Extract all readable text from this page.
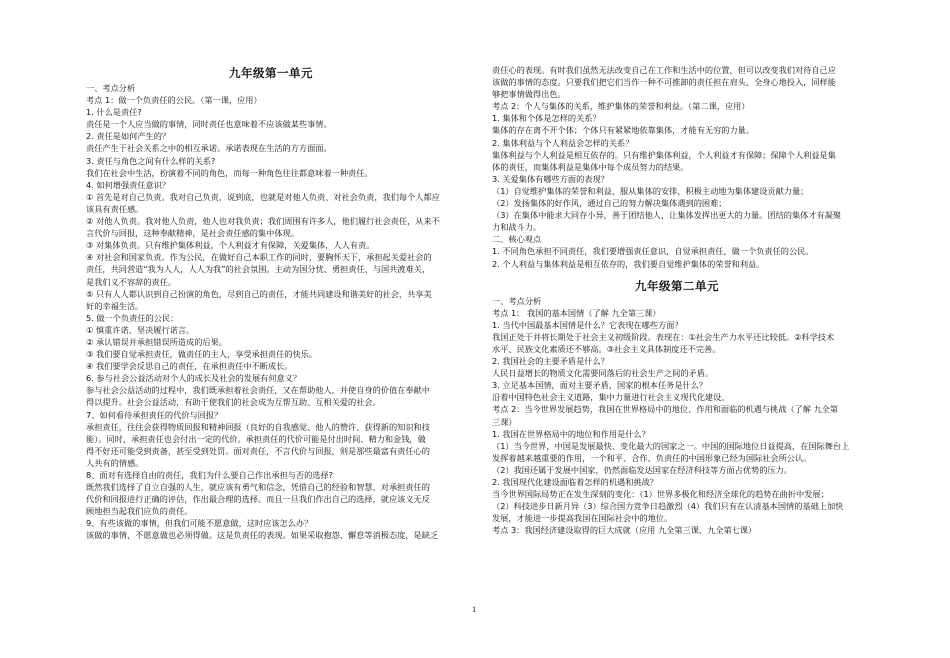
九年级第一单元

一、考点分析

考点 1：做一个负责任的公民。（第一课，应用）

1. 什么是责任?

责任是一个人应当做的事情，同时责任也意味着不应该做某些事情。

2. 责任是如何产生的？

责任产生于社会关系之中的相互承诺。承诺表现在生活的方方面面。

3. 责任与角色之间有什么样的关系?

我们在社会中生活，扮演着不同的角色，而每一种角色往往都意味着一种责任。

4. 如何增强责任意识？

① 首先是对自己负责。我对自己负责，说到底，也就是对他人负责、对社会负责，我们每个人都应

该具有责任感。

② 对他人负责。我对他人负责，他人也对我负责；我们周围有许多人，他们履行社会责任，从来不

言代价与回报，这种奉献精神，是社会责任感的集中体现。

③ 对集体负责。只有维护集体利益，个人利益才有保障，关爱集体，人人有责。

④ 对社会和国家负责。作为公民，在做好自己本职工作的同时，要胸怀天下，承担起关爱社会的

责任，共同营造“我为人人，人人为我”的社会氛围。主动为国分忧、勇担责任、与国共渡难关，

是我们义不容辞的责任。

⑤ 只有人人都认识到自己扮演的角色，尽到自己的责任，才能共同建设和谐美好的社会，共享美

好的幸福生活。

5. 做一个负责任的公民：

① 慎重许诺、坚决履行诺言。

② 承认错误并承担错误所造成的后果。

③ 我们要自觉承担责任，做责任的主人，享受承担责任的快乐。

④ 我们要学会反思自己的责任，在承担责任中不断成长。

6. 参与社会公益活动对个人的成长及社会的发展有何意义？

参与社会公益活动的过程中，我们既承担着社会责任，又在帮助他人，并使自身的价值在奉献中

得以提升。社会公益活动，有助于使我们的社会成为互帮互助、互相关爱的社会。

7、如何看待承担责任的代价与回报？

承担责任，往往会获得物质回报和精神回报（良好的自我感觉、他人的赞许、获得新的知识和技

能）。同时，承担责任也会付出一定的代价。承担责任的代价可能是付出时间、精力和金钱，做

得不好还可能受到责备，甚至受到处罚。面对责任，不言代价与回报，则是那些最富有责任心的

人共有的情感。

8、面对有选择自由的责任，我们为什么要自己作出承担与否的选择?

既然我们选择了自立自强的人生，就应该有勇气和信念，凭借自己的经验和智慧，对承担责任的

代价和回报进行正确的评估，作出最合理的选择。而且一旦我们作出自己的选择，就应该义无反

顾地担当起我们应负的责任。

9、有些该做的事情，但我们可能不愿意做，这时应该怎么办？

该做的事情，不愿意做也必须得做。这是负责任的表现。如果采取抱怨、懈怠等消极态度，是缺乏

责任心的表现。有时我们虽然无法改变自己在工作和生活中的位置，但可以改变我们对待自己应

该做的事情的态度。只要我们把它们当作一种不可推卸的责任担在肩头，全身心地投入，同样能

够把事情做得出色。

考点 2：个人与集体的关系，维护集体的荣誉和利益。（第二课，应用）

1. 集体和个体是怎样的关系？

集体的存在离不开个体；个体只有紧紧地依靠集体，才能有无穷的力量。

2. 集体利益与个人利益会怎样的关系？

集体利益与个人利益是相互依存的。只有维护集体利益，个人利益才有保障；保障个人利益是集

体的责任，而集体利益是集体中每个成员努力的结果。

3. 关爱集体有哪些方面的表现？

（1）自觉维护集体的荣誉和利益，服从集体的安排，积极主动地为集体建设贡献力量；

（2）发扬集体的好作风，通过自己的努力解决集体遇到的困难；

（3）在集体中能求大同存小异，善于团结他人，让集体发挥出更大的力量。团结的集体才有凝聚

力和战斗力。

二、核心观点

1. 不同角色承担不同责任，我们要增强责任意识，自觉承担责任，做一个负责任的公民。

2. 个人利益与集体利益是相互依存的，我们要自觉维护集体的荣誉和利益。

九年级第二单元

一、考点分析

考点 1： 我国的基本国情（了解 九全第三课）

1. 当代中国最基本国情是什么？它表现在哪些方面？

我国正处于并将长期处于社会主义初级阶段。表现在：①社会生产力水平还比较低。②科学技术

水平、民族文化素质还不够高。③社会主义具体制度还不完善。

2. 我国社会的主要矛盾是什么？

人民日益增长的物质文化需要同落后的社会生产之间的矛盾。

3. 立足基本国情，面对主要矛盾，国家的根本任务是什么？

沿着中国特色社会主义道路，集中力量进行社会主义现代化建设。

考点 2：当今世界发展趋势，我国在世界格局中的地位、作用和面临的机遇与挑战（了解 九全第

三课）

1. 我国在世界格局中的地位和作用是什么？

（1）当今世界，中国是发展最快、变化最大的国家之一。中国的国际地位日益提高，在国际舞台上

发挥着越来越重要的作用，一个和平、合作、负责任的中国形象已经为国际社会所公认。

（2）我国还属于发展中国家，仍然面临发达国家在经济科技等方面占优势的压力。

2. 我国现代化建设面临着怎样的机遇和挑战？

当今世界国际局势正在发生深刻的变化：（1）世界多极化和经济全球化的趋势在曲折中发展；

（2）科技进步日新月异（3）综合国力竞争日趋激烈（4）我们只有在认清基本国情的基础上加快

发展，才能进一步提高我国在国际社会中的地位。

考点 3：我国经济建设取得的巨大成就（应用 九全第三课、九全第七课）

1
